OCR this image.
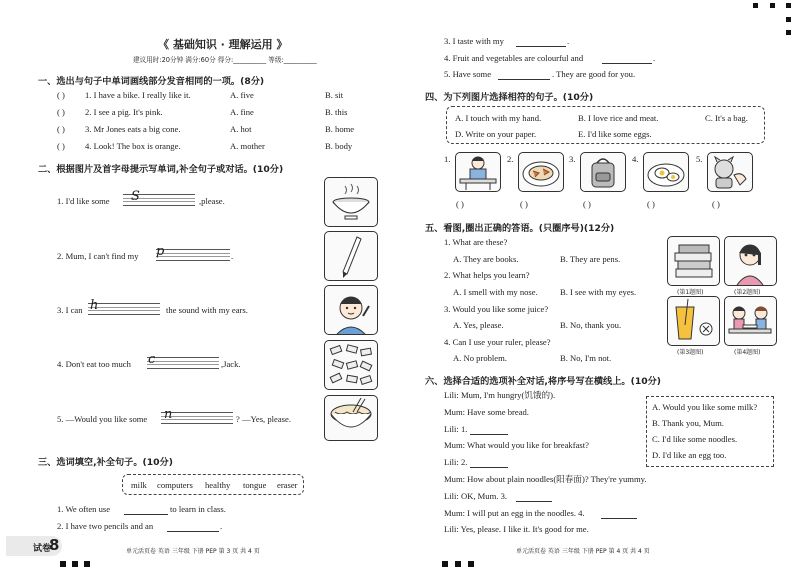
《 基础知识 · 理解运用 》
建议用时:20分钟 满分:60分 得分:__________ 等级:__________
一、选出与句子中单词画线部分发音相同的一项。(8分)
( ) 1. I have a bike. I really like it.	A. five	B. sit
( ) 2. I see a pig. It's pink.	A. fine	B. this
( ) 3. Mr Jones eats a big cone.	A. hot	B. home
( ) 4. Look! The box is orange.	A. mother	B. body
二、根据图片及首字母提示写单词,补全句子或对话。(10分)
1. I'd like some S	,please.
2. Mum, I can't find my p	.
3. I can h	the sound with my ears.
4. Don't eat too much c	,Jack.
5. —Would you like some n	? —Yes, please.
三、选词填空,补全句子。(10分)
milk computers healthy tongue eraser
1. We often use	to learn in class.
2. I have two pencils and an	.
试卷
8	单元活页卷 英语 三年级 下册 PEP 第 3 页 共 4 页
3. I taste with my	.
4. Fruit and vegetables are colourful and	.
5. Have some	. They are good for you.
四、为下列图片选择相符的句子。(10分)
A. I touch with my hand.	B. I love rice and meat.	C. It's a bag.
D. Write on your paper.	E. I'd like some eggs.
1.	2.	3.	4.	5.
( )	( )	( )	( )	( )
五、看图,圈出正确的答语。(只圈序号)(12分)
1. What are these?
A. They are books.	B. They are pens.
2. What helps you learn?
A. I smell with my nose.	B. I see with my eyes.
3. Would you like some juice?
A. Yes, please.	B. No, thank you.
4. Can I use your ruler, please?
A. No problem.	B. No, I'm not.
(第1题图)	(第2题图)
(第3题图)	(第4题图)
六、选择合适的选项补全对话,将序号写在横线上。(10分)
Lili: Mum, I'm hungry(饥饿的).
Mum: Have some bread.
Lili: 1.
Mum: What would you like for breakfast?
Lili: 2.
Mum: How about plain noodles(阳春面)? They're yummy.
Lili: OK, Mum. 3.
Mum: I will put an egg in the noodles. 4.
Lili: Yes, please. I like it. It's good for me.
A. Would you like some milk?
B. Thank you, Mum.
C. I'd like some noodles.
D. I'd like an egg too.
单元活页卷 英语 三年级 下册 PEP 第 4 页 共 4 页
